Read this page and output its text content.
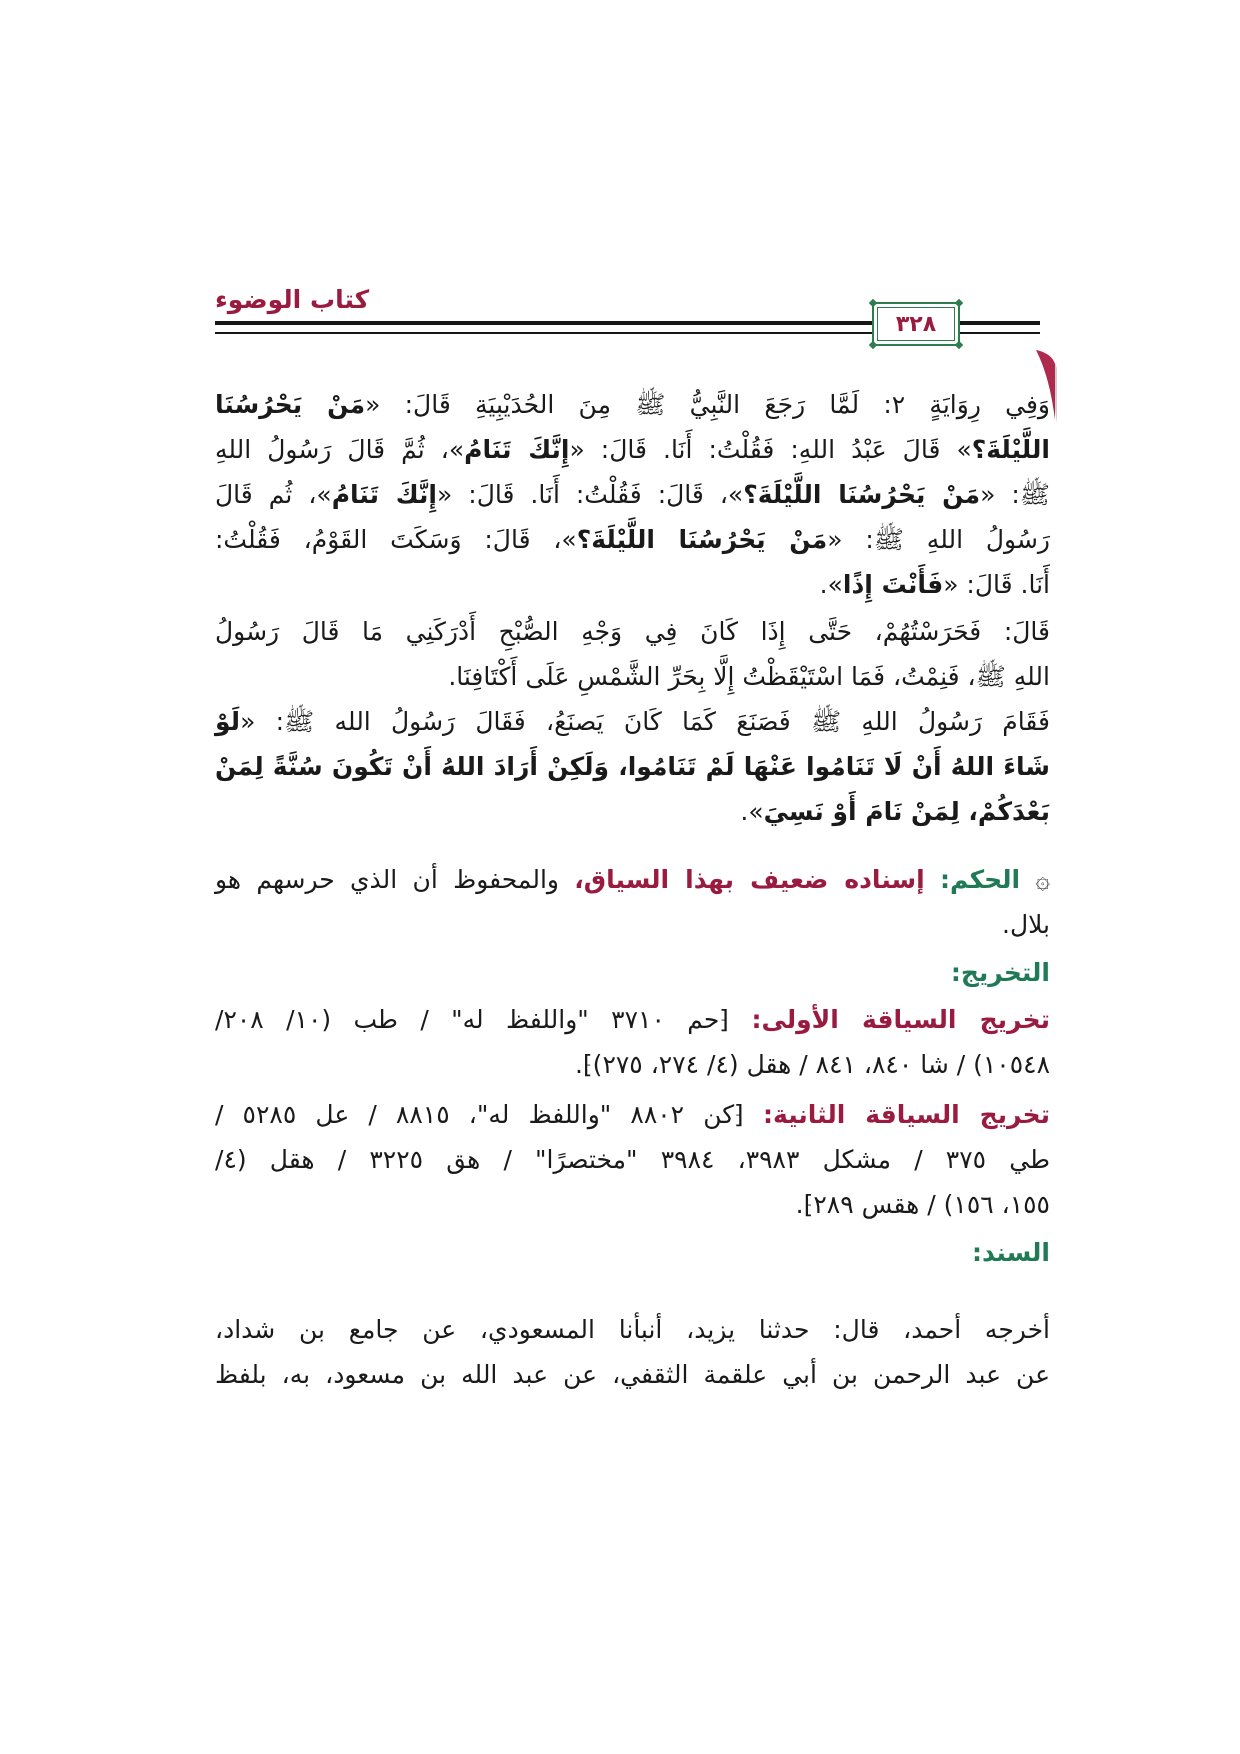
كتاب الوضوء
٣٢٨
وَفِي رِوَايَةٍ ٢: لَمَّا رَجَعَ النَّبِيُّ ﷺ مِنَ الحُدَيْبِيَةِ قَالَ: «مَنْ يَحْرُسُنَا
اللَّيْلَةَ؟» قَالَ عَبْدُ اللهِ: فَقُلْتُ: أَنَا. قَالَ: «إِنَّكَ تَنَامُ»، ثُمَّ قَالَ رَسُولُ اللهِ
ﷺ: «مَنْ يَحْرُسُنَا اللَّيْلَةَ؟»، قَالَ: فَقُلْتُ: أَنَا. قَالَ: «إِنَّكَ تَنَامُ»، ثُم قَالَ
رَسُولُ اللهِ ﷺ: «مَنْ يَحْرُسُنَا اللَّيْلَةَ؟»، قَالَ: وَسَكَتَ القَوْمُ، فَقُلْتُ:
أَنَا. قَالَ: «فَأَنْتَ إِذًا».
قَالَ: فَحَرَسْتُهُمْ، حَتَّى إِذَا كَانَ فِي وَجْهِ الصُّبْحِ أَدْرَكَنِي مَا قَالَ رَسُولُ
اللهِ ﷺ، فَنِمْتُ، فَمَا اسْتَيْقَظْتُ إِلَّا بِحَرِّ الشَّمْسِ عَلَى أَكْتَافِنَا.
فَقَامَ رَسُولُ اللهِ ﷺ فَصَنَعَ كَمَا كَانَ يَصنَعُ، فَقَالَ رَسُولُ الله ﷺ: «لَوْ
شَاءَ اللهُ أَنْ لَا تَنَامُوا عَنْهَا لَمْ تَنَامُوا، وَلَكِنْ أَرَادَ اللهُ أَنْ تَكُونَ سُنَّةً لِمَنْ
بَعْدَكُمْ، لِمَنْ نَامَ أَوْ نَسِيَ».
۞ الحكم: إسناده ضعيف بهذا السياق، والمحفوظ أن الذي حرسهم هو
بلال.
التخريج:
تخريج السياقة الأولى: ⁅حم ٣٧١٠ "واللفظ له" / طب (١٠/ ٢٠٨/
١٠٥٤٨) / شا ٨٤٠، ٨٤١ / هقل (٤/ ٢٧٤، ٢٧٥)⁆.
تخريج السياقة الثانية: ⁅كن ٨٨٠٢ "واللفظ له"، ٨٨١٥ / عل ٥٢٨٥ /
طي ٣٧٥ / مشكل ٣٩٨٣، ٣٩٨٤ "مختصرًا" / هق ٣٢٢٥ / هقل (٤/
١٥٥، ١٥٦) / هقس ٢٨٩⁆.
السند:
أخرجه أحمد، قال: حدثنا يزيد، أنبأنا المسعودي، عن جامع بن شداد،
عن عبد الرحمن بن أبي علقمة الثقفي، عن عبد الله بن مسعود، به، بلفظ
